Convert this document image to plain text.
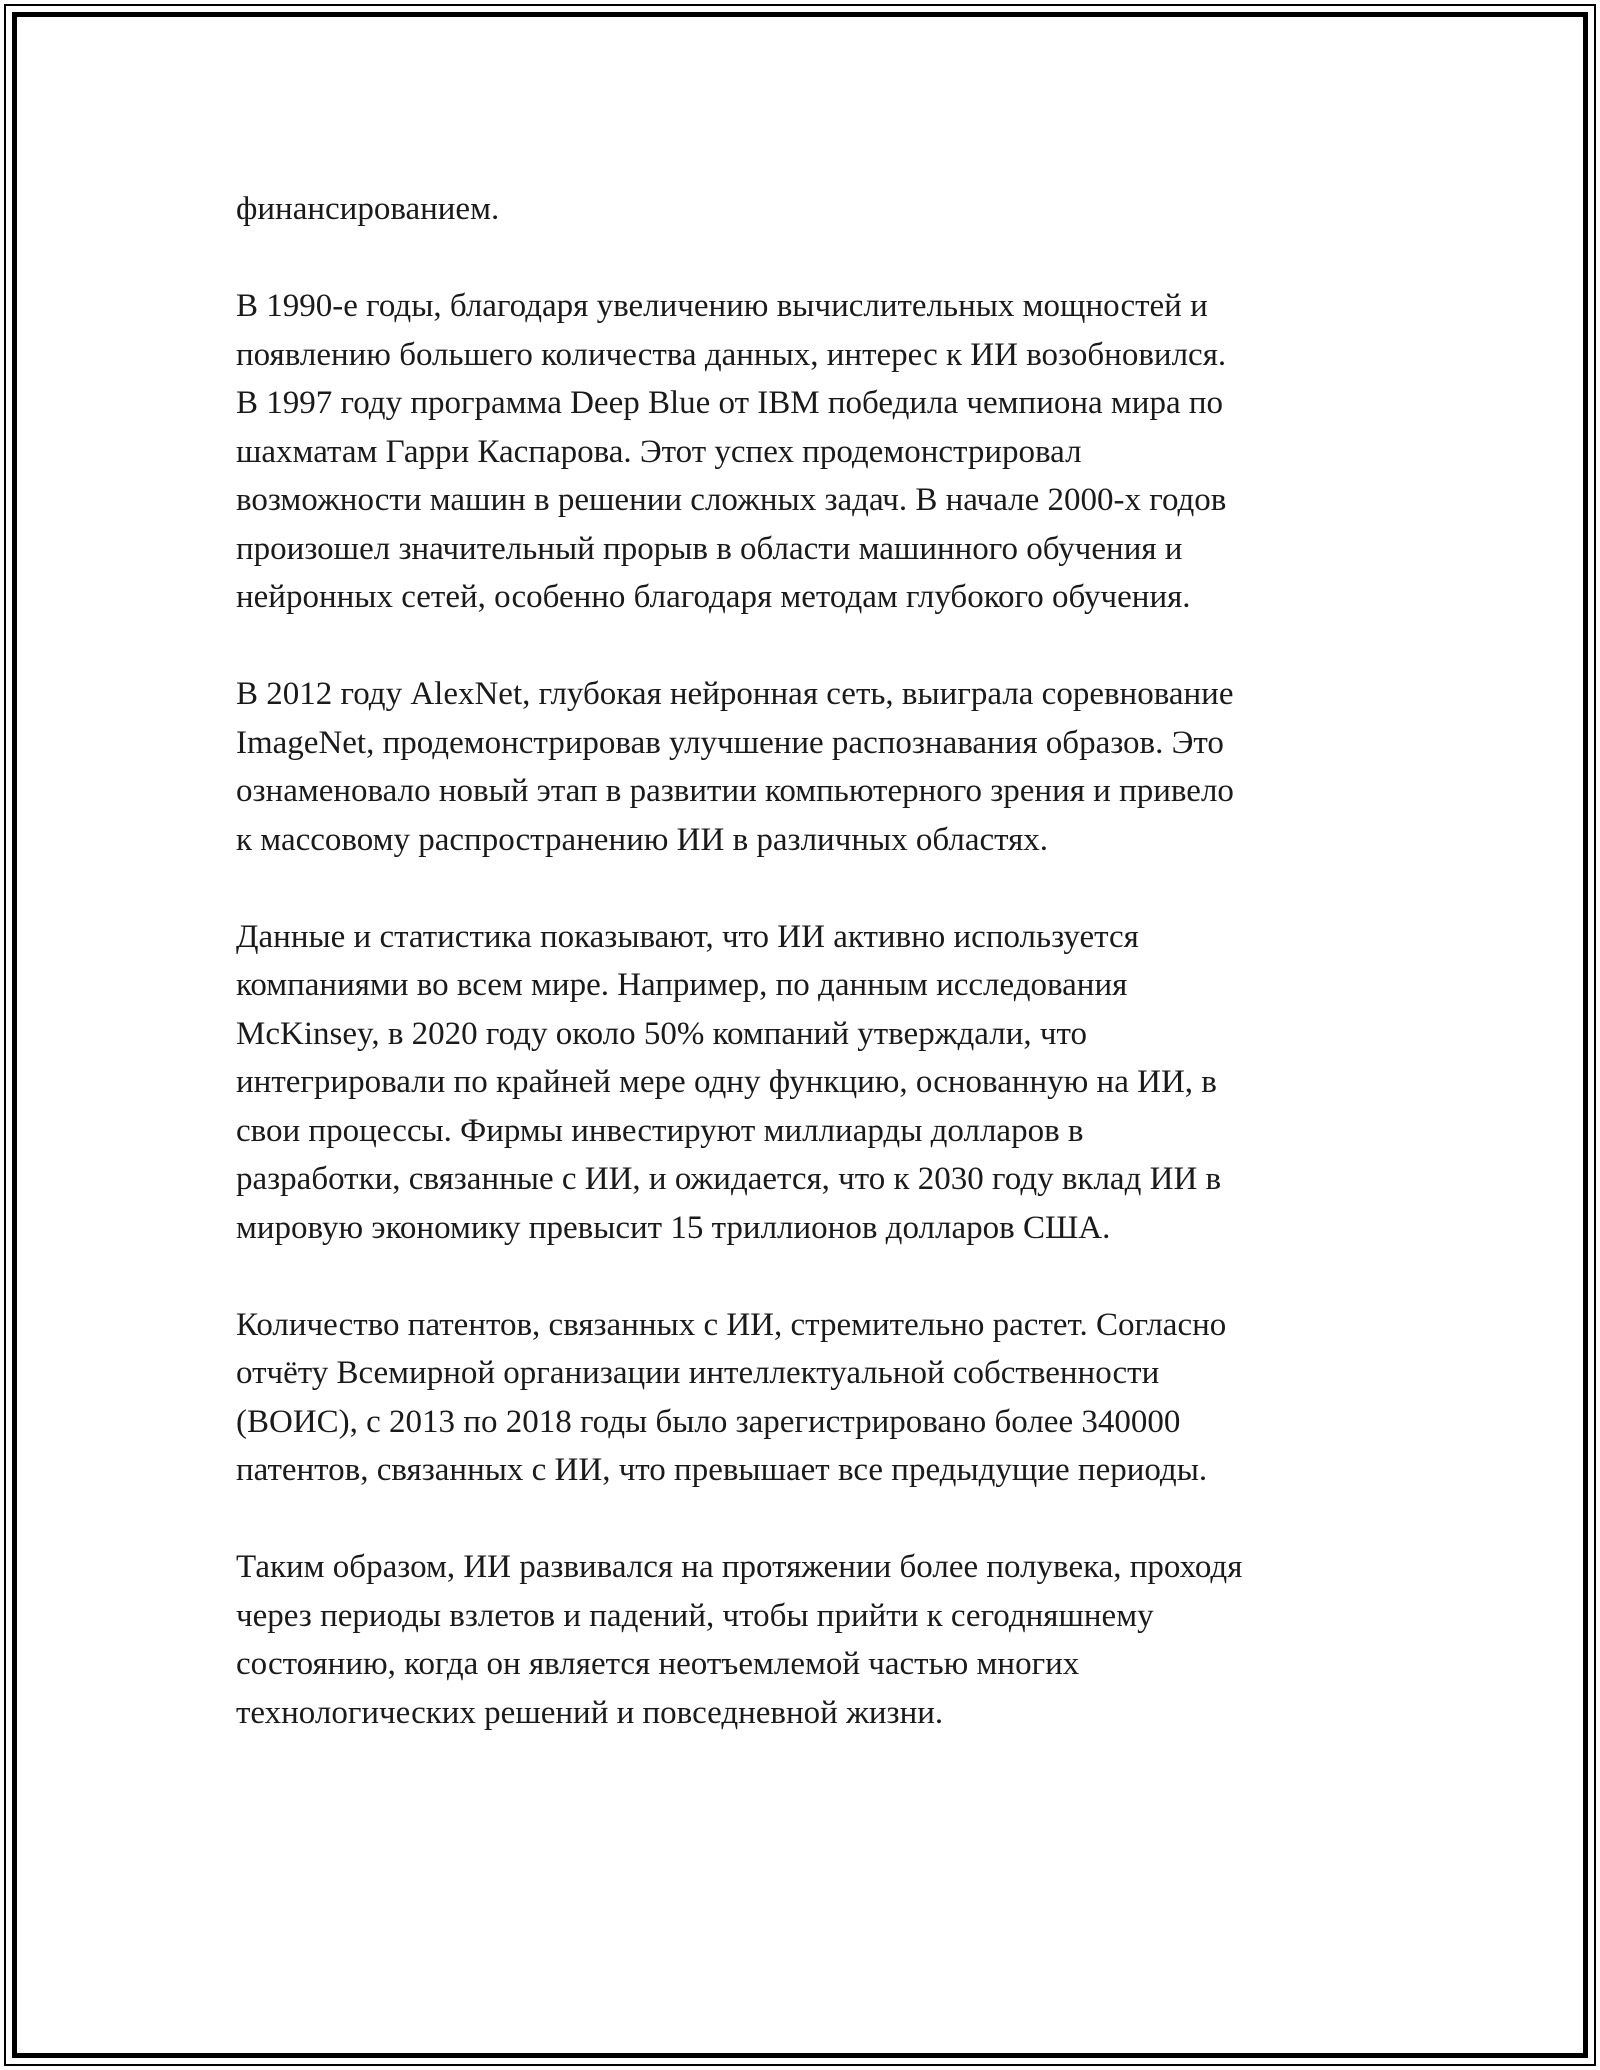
финансированием.

В 1990-е годы, благодаря увеличению вычислительных мощностей и
появлению большего количества данных, интерес к ИИ возобновился.
В 1997 году программа Deep Blue от IBM победила чемпиона мира по
шахматам Гарри Каспарова. Этот успех продемонстрировал
возможности машин в решении сложных задач. В начале 2000-х годов
произошел значительный прорыв в области машинного обучения и
нейронных сетей, особенно благодаря методам глубокого обучения.

В 2012 году AlexNet, глубокая нейронная сеть, выиграла соревнование
ImageNet, продемонстрировав улучшение распознавания образов. Это
ознаменовало новый этап в развитии компьютерного зрения и привело
к массовому распространению ИИ в различных областях.

Данные и статистика показывают, что ИИ активно используется
компаниями во всем мире. Например, по данным исследования
McKinsey, в 2020 году около 50% компаний утверждали, что
интегрировали по крайней мере одну функцию, основанную на ИИ, в
свои процессы. Фирмы инвестируют миллиарды долларов в
разработки, связанные с ИИ, и ожидается, что к 2030 году вклад ИИ в
мировую экономику превысит 15 триллионов долларов США.

Количество патентов, связанных с ИИ, стремительно растет. Согласно
отчёту Всемирной организации интеллектуальной собственности
(ВОИС), с 2013 по 2018 годы было зарегистрировано более 340000
патентов, связанных с ИИ, что превышает все предыдущие периоды.

Таким образом, ИИ развивался на протяжении более полувека, проходя
через периоды взлетов и падений, чтобы прийти к сегодняшнему
состоянию, когда он является неотъемлемой частью многих
технологических решений и повседневной жизни.
